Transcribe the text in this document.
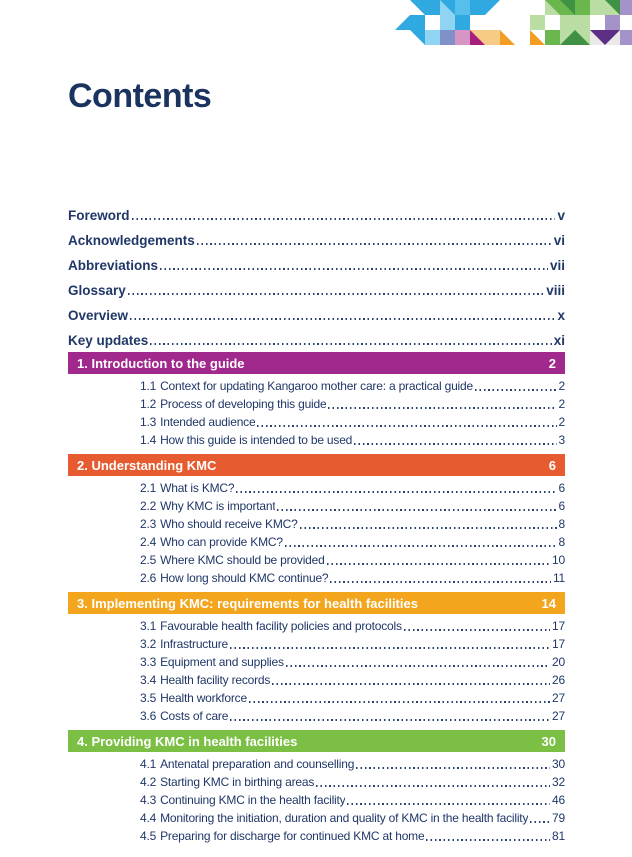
Contents
Foreword	v
Acknowledgements	vi
Abbreviations	vii
Glossary	viii
Overview	x
Key updates	xi
1. Introduction to the guide	2
1.1 Context for updating Kangaroo mother care: a practical guide	2
1.2 Process of developing this guide	2
1.3 Intended audience	2
1.4 How this guide is intended to be used	3
2. Understanding KMC	6
2.1 What is KMC?	6
2.2 Why KMC is important	6
2.3 Who should receive KMC?	8
2.4 Who can provide KMC?	8
2.5 Where KMC should be provided	10
2.6 How long should KMC continue?	11
3. Implementing KMC: requirements for health facilities	14
3.1 Favourable health facility policies and protocols	17
3.2 Infrastructure	17
3.3 Equipment and supplies	20
3.4 Health facility records	26
3.5 Health workforce	27
3.6 Costs of care	27
4. Providing KMC in health facilities	30
4.1 Antenatal preparation and counselling	30
4.2 Starting KMC in birthing areas	32
4.3 Continuing KMC in the health facility	46
4.4 Monitoring the initiation, duration and quality of KMC in the health facility 79
4.5 Preparing for discharge for continued KMC at home	81
